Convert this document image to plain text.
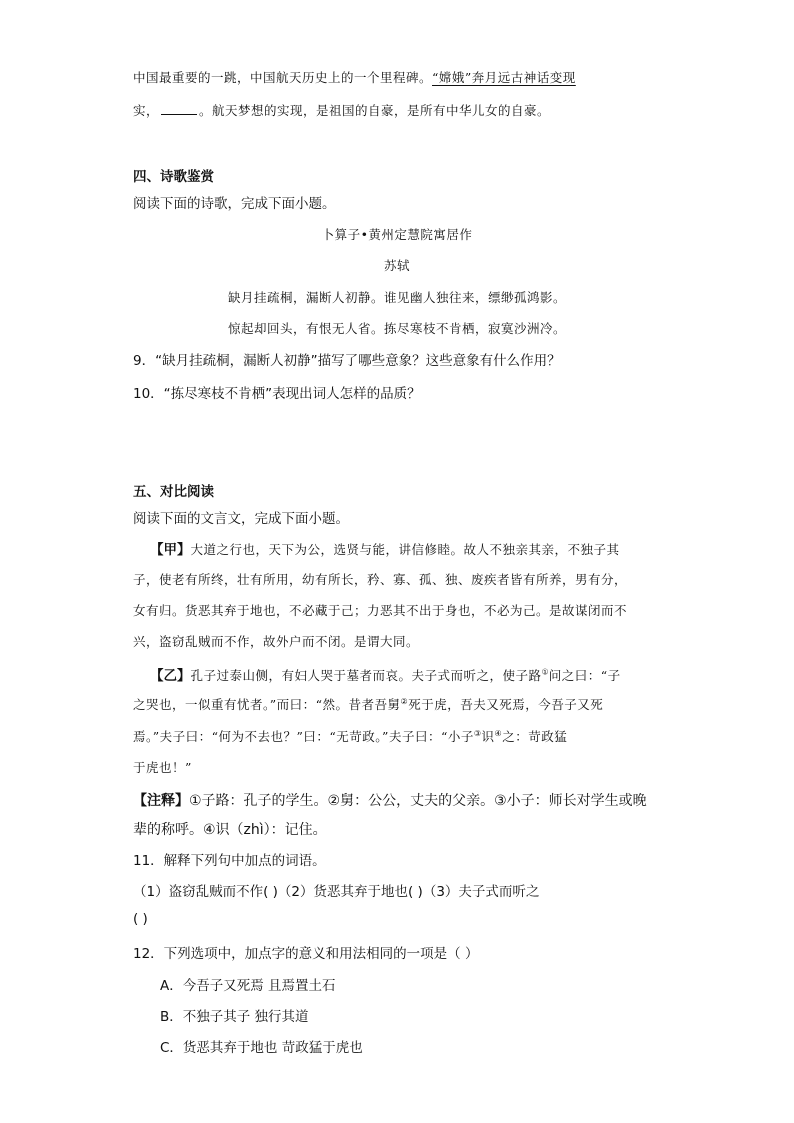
中国最重要的一跳，中国航天历史上的一个里程碑。“嫦娥”奔月远古神话变现
实，	。航天梦想的实现，是祖国的自豪，是所有中华儿女的自豪。
四、诗歌鉴赏
阅读下面的诗歌，完成下面小题。
卜算子•黄州定慧院寓居作
苏轼
缺月挂疏桐，漏断人初静。谁见幽人独往来，缥缈孤鸿影。
惊起却回头，有恨无人省。拣尽寒枝不肯栖，寂寞沙洲冷。
9．“缺月挂疏桐，漏断人初静”描写了哪些意象？这些意象有什么作用？
10．“拣尽寒枝不肯栖”表现出词人怎样的品质？
五、对比阅读
阅读下面的文言文，完成下面小题。
【甲】大道之行也，天下为公，选贤与能，讲信修睦。故人不独亲其亲，不独子其
子，使老有所终，壮有所用，幼有所长，矜、寡、孤、独、废疾者皆有所养，男有分，
女有归。货恶其弃于地也，不必藏于己；力恶其不出于身也，不必为己。是故谋闭而不
兴，盗窃乱贼而不作，故外户而不闭。是谓大同。
【乙】孔子过泰山侧，有妇人哭于墓者而哀。夫子式而听之，使子路①问之曰：“子
之哭也，一似重有忧者。”而曰：“然。昔者吾舅②死于虎，吾夫又死焉，今吾子又死
焉。”夫子曰：“何为不去也？”曰：“无苛政。”夫子曰：“小子③识④之：苛政猛
于虎也！”
【注释】①子路：孔子的学生。②舅：公公，丈夫的父亲。③小子：师长对学生或晚
辈的称呼。④识（zhì）：记住。
11．解释下列句中加点的词语。
（1）盗窃乱贼而不作( )（2）货恶其弃于地也( )（3）夫子式而听之
( )
12．下列选项中，加点字的意义和用法相同的一项是（ ）
A．今吾子又死焉 且焉置土石
B．不独子其子 独行其道
C．货恶其弃于地也 苛政猛于虎也
